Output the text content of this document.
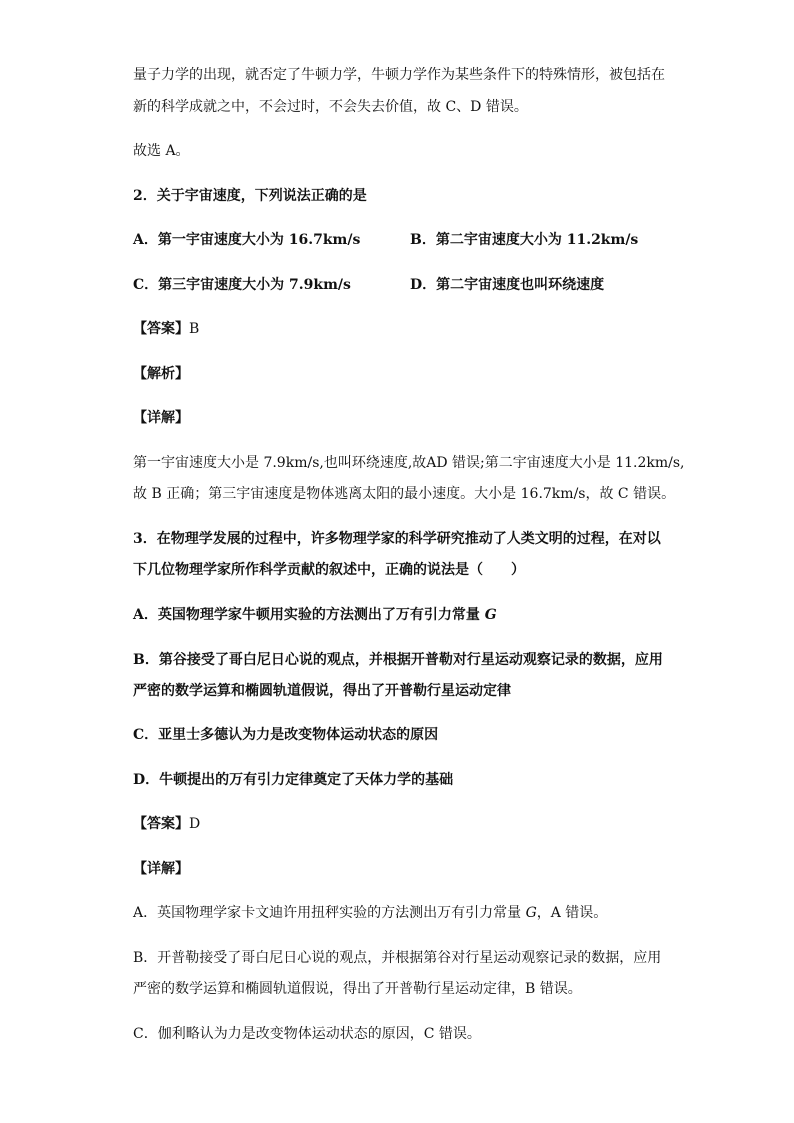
量子力学的出现，就否定了牛顿力学，牛顿力学作为某些条件下的特殊情形，被包括在
新的科学成就之中，不会过时，不会失去价值，故 C、D 错误。
故选 A。
2．关于宇宙速度，下列说法正确的是
A．第一宇宙速度大小为 16.7km/s	B．第二宇宙速度大小为 11.2km/s
C．第三宇宙速度大小为 7.9km/s	D．第二宇宙速度也叫环绕速度
【答案】B
【解析】
【详解】
第一宇宙速度大小是 7.9km/s,也叫环绕速度,故AD 错误;第二宇宙速度大小是 11.2km/s,
故 B 正确；第三宇宙速度是物体逃离太阳的最小速度。大小是 16.7km/s，故 C 错误。
3．在物理学发展的过程中，许多物理学家的科学研究推动了人类文明的过程，在对以
下几位物理学家所作科学贡献的叙述中，正确的说法是（　　）
A．英国物理学家牛顿用实验的方法测出了万有引力常量 G
B．第谷接受了哥白尼日心说的观点，并根据开普勒对行星运动观察记录的数据，应用
严密的数学运算和椭圆轨道假说，得出了开普勒行星运动定律
C．亚里士多德认为力是改变物体运动状态的原因
D．牛顿提出的万有引力定律奠定了天体力学的基础
【答案】D
【详解】
A．英国物理学家卡文迪许用扭秤实验的方法测出万有引力常量 G，A 错误。
B．开普勒接受了哥白尼日心说的观点，并根据第谷对行星运动观察记录的数据，应用
严密的数学运算和椭圆轨道假说，得出了开普勒行星运动定律，B 错误。
C．伽利略认为力是改变物体运动状态的原因，C 错误。
